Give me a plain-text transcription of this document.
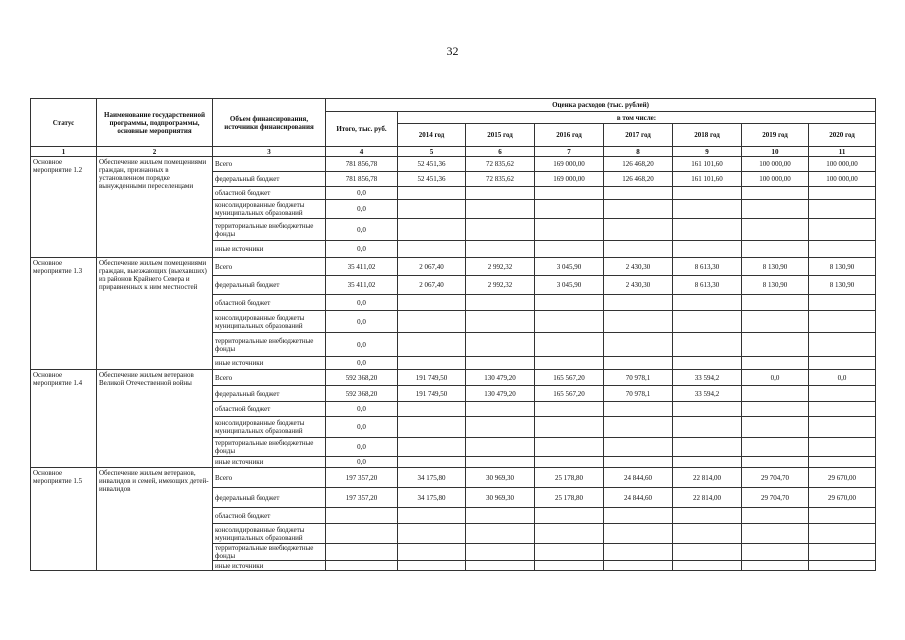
32
Статус	Наименование государственной программы, подпрограммы, основные мероприятия	Объем финансирования, источники финансирования	Оценка расходов (тыс. рублей)							
			Итого, тыс. руб.	в том числе:						
				2014 год	2015 год	2016 год	2017 год	2018 год	2019 год	2020 год
1	2	3	4	5	6	7	8	9	10	11
Основное мероприятие 1.2	Обеспечение жильем помещениями граждан, признанных в установленном порядке вынужденными переселенцами	Всего	781 856,78	52 451,36	72 835,62	169 000,00	126 468,20	161 101,60	100 000,00	100 000,00
		федеральный бюджет	781 856,78	52 451,36	72 835,62	169 000,00	126 468,20	161 101,60	100 000,00	100 000,00
		областной бюджет	0,0							
		консолидированные бюджеты муниципальных образований	0,0							
		территориальные внебюджетные фонды	0,0							
		иные источники	0,0							
Основное мероприятие 1.3	Обеспечение жильем помещениями граждан, выезжающих (выехавших) из районов Крайнего Севера и приравненных к ним местностей	Всего	35 411,02	2 067,40	2 992,32	3 045,90	2 430,30	8 613,30	8 130,90	8 130,90
		федеральный бюджет	35 411,02	2 067,40	2 992,32	3 045,90	2 430,30	8 613,30	8 130,90	8 130,90
		областной бюджет	0,0							
		консолидированные бюджеты муниципальных образований	0,0							
		территориальные внебюджетные фонды	0,0							
		иные источники	0,0							
Основное мероприятие 1.4	Обеспечение жильем ветеранов Великой Отечественной войны	Всего	592 368,20	191 749,50	130 479,20	165 567,20	70 978,1	33 594,2	0,0	0,0
		федеральный бюджет	592 368,20	191 749,50	130 479,20	165 567,20	70 978,1	33 594,2		
		областной бюджет	0,0							
		консолидированные бюджеты муниципальных образований	0,0							
		территориальные внебюджетные фонды	0,0							
		иные источники	0,0							
Основное мероприятие 1.5	Обеспечение жильем ветеранов, инвалидов и семей, имеющих детей-инвалидов	Всего	197 357,20	34 175,80	30 969,30	25 178,80	24 844,60	22 814,00	29 704,70	29 670,00
		федеральный бюджет	197 357,20	34 175,80	30 969,30	25 178,80	24 844,60	22 814,00	29 704,70	29 670,00
		областной бюджет								
		консолидированные бюджеты муниципальных образований								
		территориальные внебюджетные фонды								
		иные источники								
